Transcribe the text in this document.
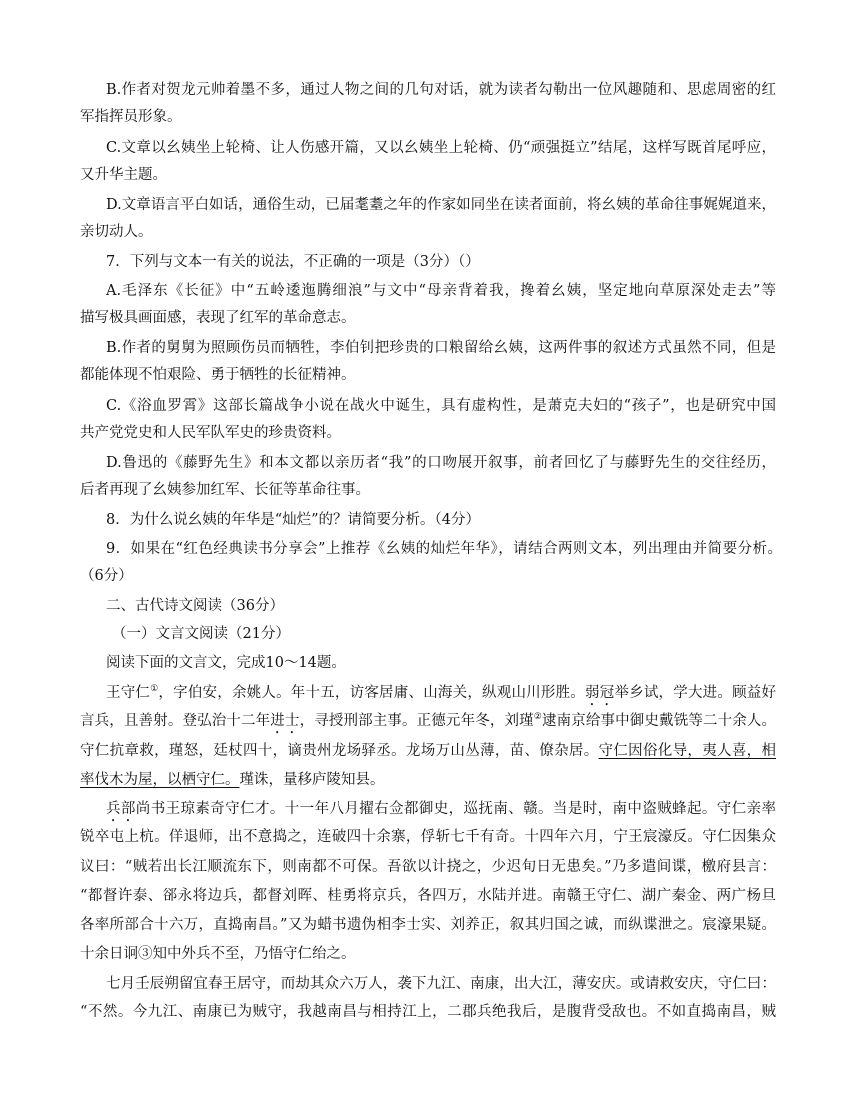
B.作者对贺龙元帅着墨不多，通过人物之间的几句对话，就为读者勾勒出一位风趣随和、思虑周密的红
军指挥员形象。
C.文章以幺姨坐上轮椅、让人伤感开篇，又以幺姨坐上轮椅、仍“顽强挺立”结尾，这样写既首尾呼应，
又升华主题。
D.文章语言平白如话，通俗生动，已届耄耋之年的作家如同坐在读者面前，将幺姨的革命往事娓娓道来，
亲切动人。
7．下列与文本一有关的说法，不正确的一项是（3分）（）
A.毛泽东《长征》中“五岭逶迤腾细浪”与文中“母亲背着我，搀着幺姨，坚定地向草原深处走去”等
描写极具画面感，表现了红军的革命意志。
B.作者的舅舅为照顾伤员而牺牲，李伯钊把珍贵的口粮留给幺姨，这两件事的叙述方式虽然不同，但是
都能体现不怕艰险、勇于牺牲的长征精神。
C.《浴血罗霄》这部长篇战争小说在战火中诞生，具有虚构性，是萧克夫妇的“孩子”，也是研究中国
共产党党史和人民军队军史的珍贵资料。
D.鲁迅的《藤野先生》和本文都以亲历者“我”的口吻展开叙事，前者回忆了与藤野先生的交往经历，
后者再现了幺姨参加红军、长征等革命往事。
8．为什么说幺姨的年华是“灿烂”的？请简要分析。（4分）
9．如果在“红色经典读书分享会”上推荐《幺姨的灿烂年华》，请结合两则文本，列出理由并简要分析。
（6分）
二、古代诗文阅读（36分）
（一）文言文阅读（21分）
阅读下面的文言文，完成10～14题。
王守仁①，字伯安，余姚人。年十五，访客居庸、山海关，纵观山川形胜。弱冠举乡试，学大进。顾益好
言兵，且善射。登弘治十二年进士，寻授刑部主事。正德元年冬，刘瑾②逮南京给事中御史戴铣等二十余人。
守仁抗章救，瑾怒，廷杖四十，谪贵州龙场驿丞。龙场万山丛薄，苗、僚杂居。守仁因俗化导，夷人喜，相
率伐木为屋，以栖守仁。瑾诛，量移庐陵知县。
兵部尚书王琼素奇守仁才。十一年八月擢右佥都御史，巡抚南、赣。当是时，南中盗贼蜂起。守仁亲率
锐卒屯上杭。佯退师，出不意捣之，连破四十余寨，俘斩七千有奇。十四年六月，宁王宸濠反。守仁因集众
议曰：“贼若出长江顺流东下，则南都不可保。吾欲以计挠之，少迟旬日无患矣。”乃多遣间谍，檄府县言：
“都督许泰、郤永将边兵，都督刘晖、桂勇将京兵，各四万，水陆并进。南赣王守仁、湖广秦金、两广杨旦
各率所部合十六万，直捣南昌。”又为蜡书遗伪相李士实、刘养正，叙其归国之诚，而纵谍泄之。宸濠果疑。
十余日诇③知中外兵不至，乃悟守仁绐之。
七月壬辰朔留宜春王居守，而劫其众六万人，袭下九江、南康，出大江，薄安庆。或请救安庆，守仁曰：
“不然。今九江、南康已为贼守，我越南昌与相持江上，二郡兵绝我后，是腹背受敌也。不如直捣南昌，贼
